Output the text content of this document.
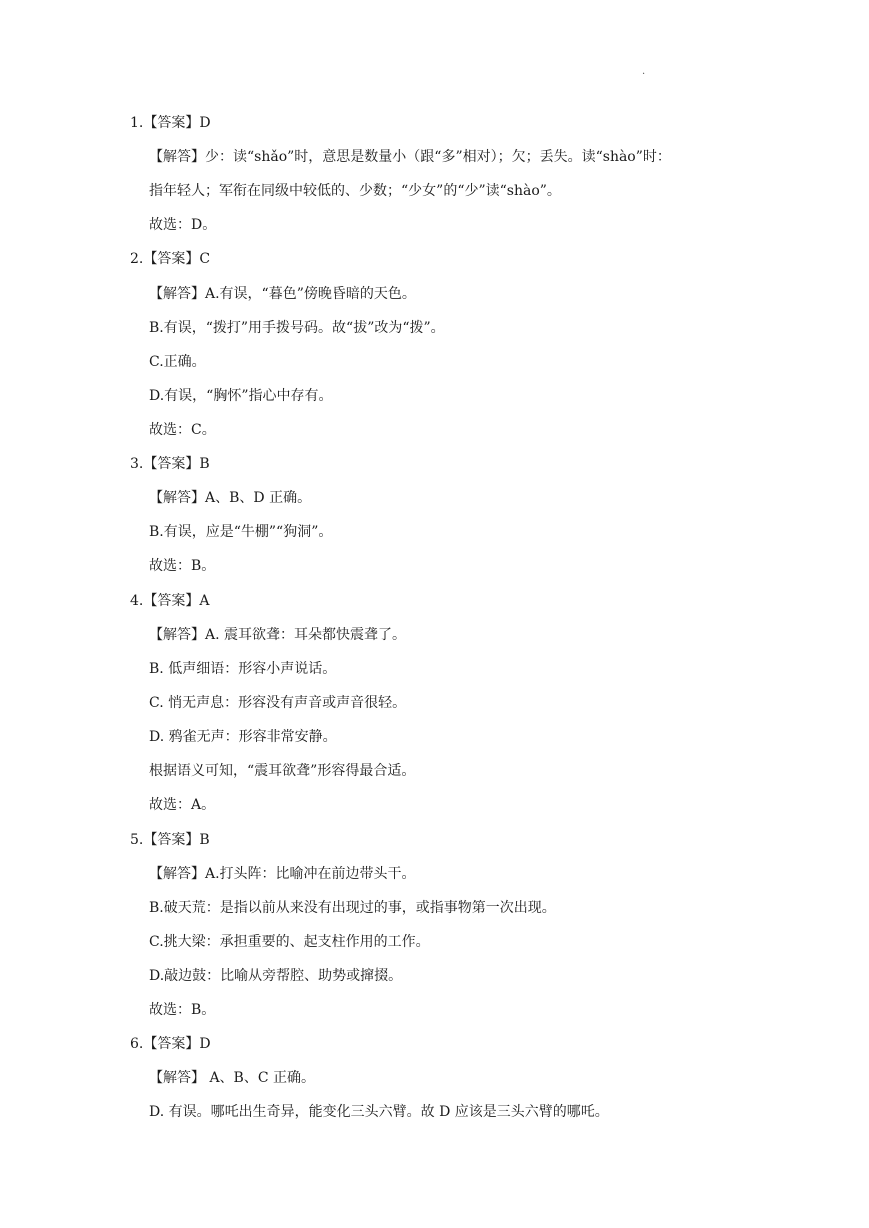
.
1.【答案】D
【解答】少：读“shǎo”时，意思是数量小（跟“多”相对）；欠；丢失。读“shào”时：
指年轻人；军衔在同级中较低的、少数；“少女”的“少”读“shào”。
故选：D。
2.【答案】C
【解答】A.有误，“暮色”傍晚昏暗的天色。
B.有误，“拨打”用手拨号码。故“拔”改为“拨”。
C.正确。
D.有误，“胸怀”指心中存有。
故选：C。
3.【答案】B
【解答】A、B、D 正确。
B.有误，应是“牛棚”“狗洞”。
故选：B。
4.【答案】A
【解答】A. 震耳欲聋：耳朵都快震聋了。
B. 低声细语：形容小声说话。
C. 悄无声息：形容没有声音或声音很轻。
D. 鸦雀无声：形容非常安静。
根据语义可知，“震耳欲聋”形容得最合适。
故选：A。
5.【答案】B
【解答】A.打头阵：比喻冲在前边带头干。
B.破天荒：是指以前从来没有出现过的事，或指事物第一次出现。
C.挑大梁：承担重要的、起支柱作用的工作。
D.敲边鼓：比喻从旁帮腔、助势或撺掇。
故选：B。
6.【答案】D
【解答】 A、B、C 正确。
D. 有误。哪吒出生奇异，能变化三头六臂。故 D 应该是三头六臂的哪吒。
